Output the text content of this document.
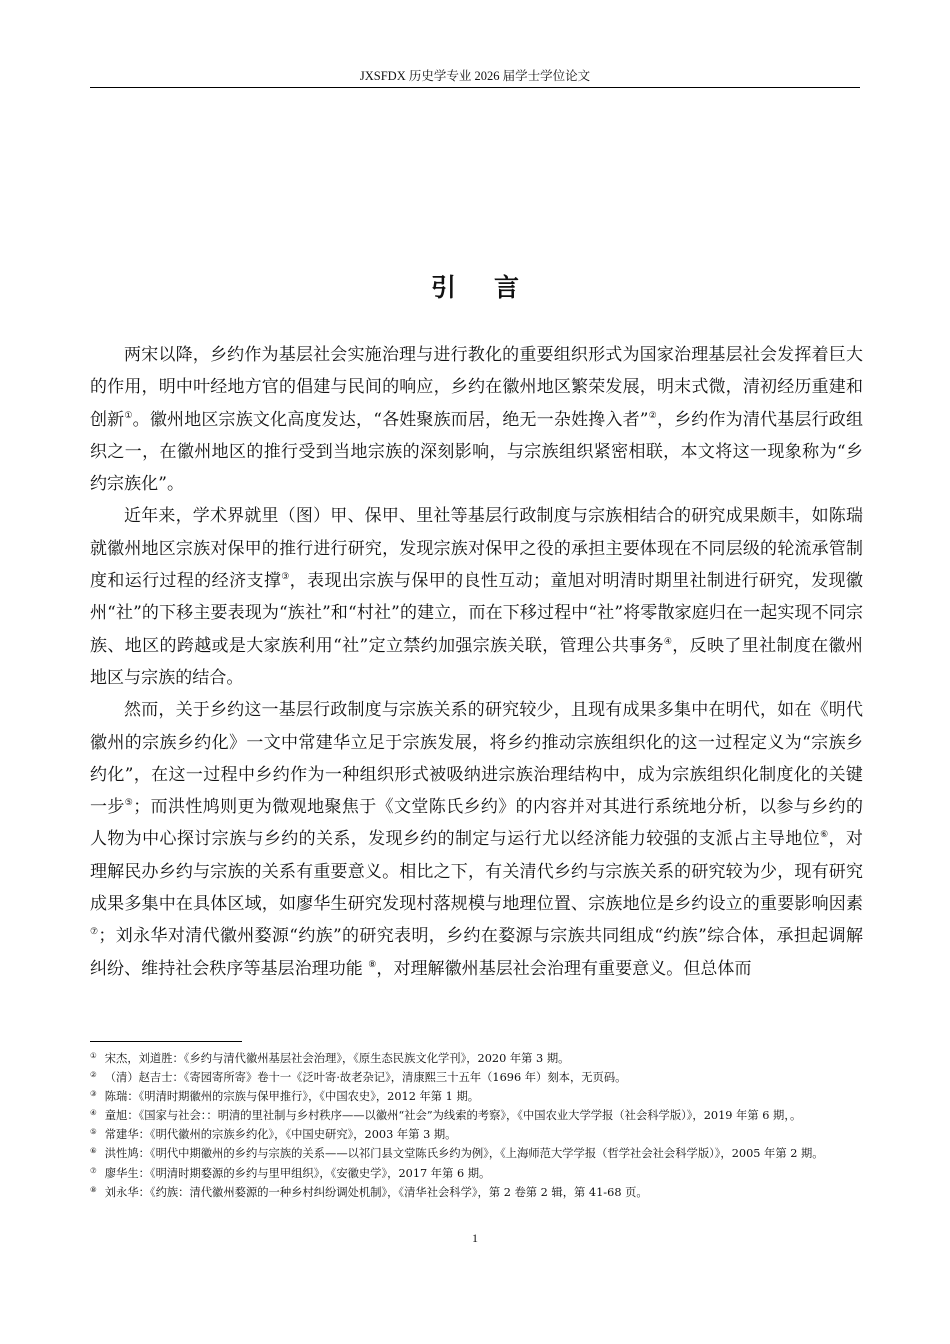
JXSFDX 历史学专业 2026 届学士学位论文
引言

两宋以降，乡约作为基层社会实施治理与进行教化的重要组织形式为国家治理基层社会发挥着巨大的作用，明中叶经地方官的倡建与民间的响应，乡约在徽州地区繁荣发展，明末式微，清初经历重建和创新①。徽州地区宗族文化高度发达，“各姓聚族而居，绝无一杂姓搀入者”②，乡约作为清代基层行政组织之一，在徽州地区的推行受到当地宗族的深刻影响，与宗族组织紧密相联，本文将这一现象称为“乡约宗族化”。

近年来，学术界就里（图）甲、保甲、里社等基层行政制度与宗族相结合的研究成果颇丰，如陈瑞就徽州地区宗族对保甲的推行进行研究，发现宗族对保甲之役的承担主要体现在不同层级的轮流承管制度和运行过程的经济支撑③，表现出宗族与保甲的良性互动；童旭对明清时期里社制进行研究，发现徽州“社”的下移主要表现为“族社”和“村社”的建立，而在下移过程中“社”将零散家庭归在一起实现不同宗族、地区的跨越或是大家族利用“社”定立禁约加强宗族关联，管理公共事务④，反映了里社制度在徽州地区与宗族的结合。

然而，关于乡约这一基层行政制度与宗族关系的研究较少，且现有成果多集中在明代，如在《明代徽州的宗族乡约化》一文中常建华立足于宗族发展，将乡约推动宗族组织化的这一过程定义为“宗族乡约化”，在这一过程中乡约作为一种组织形式被吸纳进宗族治理结构中，成为宗族组织化制度化的关键一步⑤；而洪性鸠则更为微观地聚焦于《文堂陈氏乡约》的内容并对其进行系统地分析，以参与乡约的人物为中心探讨宗族与乡约的关系，发现乡约的制定与运行尤以经济能力较强的支派占主导地位⑥，对理解民办乡约与宗族的关系有重要意义。相比之下，有关清代乡约与宗族关系的研究较为少，现有研究成果多集中在具体区域，如廖华生研究发现村落规模与地理位置、宗族地位是乡约设立的重要影响因素⑦；刘永华对清代徽州婺源“约族”的研究表明，乡约在婺源与宗族共同组成“约族”综合体，承担起调解纠纷、维持社会秩序等基层治理功能 ⑧，对理解徽州基层社会治理有重要意义。但总体而

① 宋杰，刘道胜：《乡约与清代徽州基层社会治理》，《原生态民族文化学刊》，2020 年第 3 期。
② （清）赵吉士：《寄园寄所寄》卷十一《泛叶寄·故老杂记》，清康熙三十五年（1696 年）刻本，无页码。
③ 陈瑞：《明清时期徽州的宗族与保甲推行》，《中国农史》，2012 年第 1 期。
④ 童旭：《国家与社会：：明清的里社制与乡村秩序——以徽州“社会”为线索的考察》，《中国农业大学学报（社会科学版）》，2019 年第 6 期，。
⑤ 常建华：《明代徽州的宗族乡约化》，《中国史研究》，2003 年第 3 期。
⑥ 洪性鸠：《明代中期徽州的乡约与宗族的关系——以祁门县文堂陈氏乡约为例》，《上海师范大学学报（哲学社会社会科学版）》，2005 年第 2 期。
⑦ 廖华生：《明清时期婺源的乡约与里甲组织》，《安徽史学》，2017 年第 6 期。
⑧ 刘永华：《约族：清代徽州婺源的一种乡村纠纷调处机制》，《清华社会科学》，第 2 卷第 2 辑，第 41-68 页。
1
